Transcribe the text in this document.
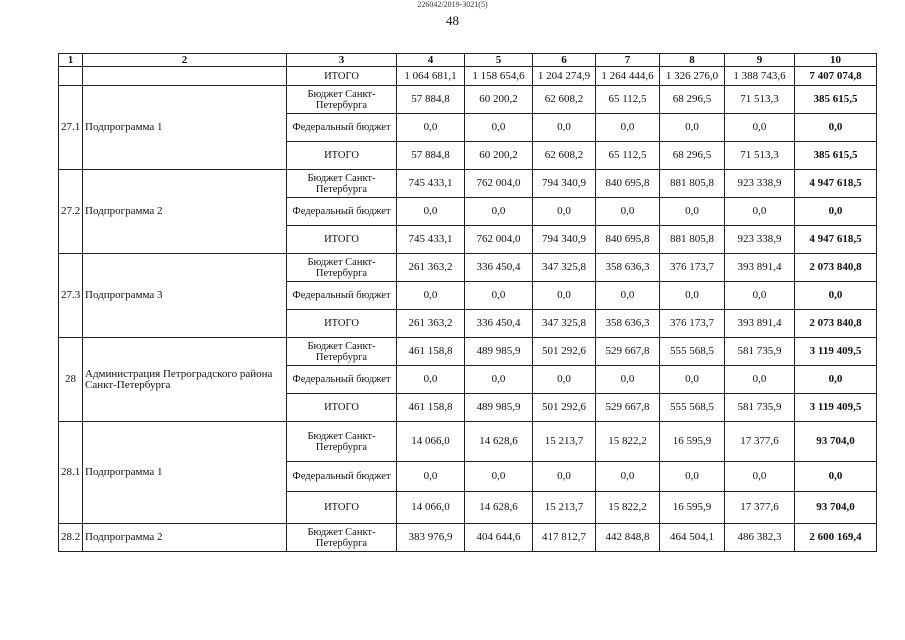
226042/2019-3021(5)
48
1	2	3	4	5	6	7	8	9	10
		ИТОГО	1 064 681,1	1 158 654,6	1 204 274,9	1 264 444,6	1 326 276,0	1 388 743,6	7 407 074,8
27.1	Подпрограмма 1	Бюджет Санкт-Петербурга	57 884,8	60 200,2	62 608,2	65 112,5	68 296,5	71 513,3	385 615,5
		Федеральный бюджет	0,0	0,0	0,0	0,0	0,0	0,0	0,0
		ИТОГО	57 884,8	60 200,2	62 608,2	65 112,5	68 296,5	71 513,3	385 615,5
27.2	Подпрограмма 2	Бюджет Санкт-Петербурга	745 433,1	762 004,0	794 340,9	840 695,8	881 805,8	923 338,9	4 947 618,5
		Федеральный бюджет	0,0	0,0	0,0	0,0	0,0	0,0	0,0
		ИТОГО	745 433,1	762 004,0	794 340,9	840 695,8	881 805,8	923 338,9	4 947 618,5
27.3	Подпрограмма 3	Бюджет Санкт-Петербурга	261 363,2	336 450,4	347 325,8	358 636,3	376 173,7	393 891,4	2 073 840,8
		Федеральный бюджет	0,0	0,0	0,0	0,0	0,0	0,0	0,0
		ИТОГО	261 363,2	336 450,4	347 325,8	358 636,3	376 173,7	393 891,4	2 073 840,8
28	Администрация Петроградского района Санкт-Петербурга	Бюджет Санкт-Петербурга	461 158,8	489 985,9	501 292,6	529 667,8	555 568,5	581 735,9	3 119 409,5
		Федеральный бюджет	0,0	0,0	0,0	0,0	0,0	0,0	0,0
		ИТОГО	461 158,8	489 985,9	501 292,6	529 667,8	555 568,5	581 735,9	3 119 409,5
28.1	Подпрограмма 1	Бюджет Санкт-Петербурга	14 066,0	14 628,6	15 213,7	15 822,2	16 595,9	17 377,6	93 704,0
		Федеральный бюджет	0,0	0,0	0,0	0,0	0,0	0,0	0,0
		ИТОГО	14 066,0	14 628,6	15 213,7	15 822,2	16 595,9	17 377,6	93 704,0
28.2	Подпрограмма 2	Бюджет Санкт-Петербурга	383 976,9	404 644,6	417 812,7	442 848,8	464 504,1	486 382,3	2 600 169,4
